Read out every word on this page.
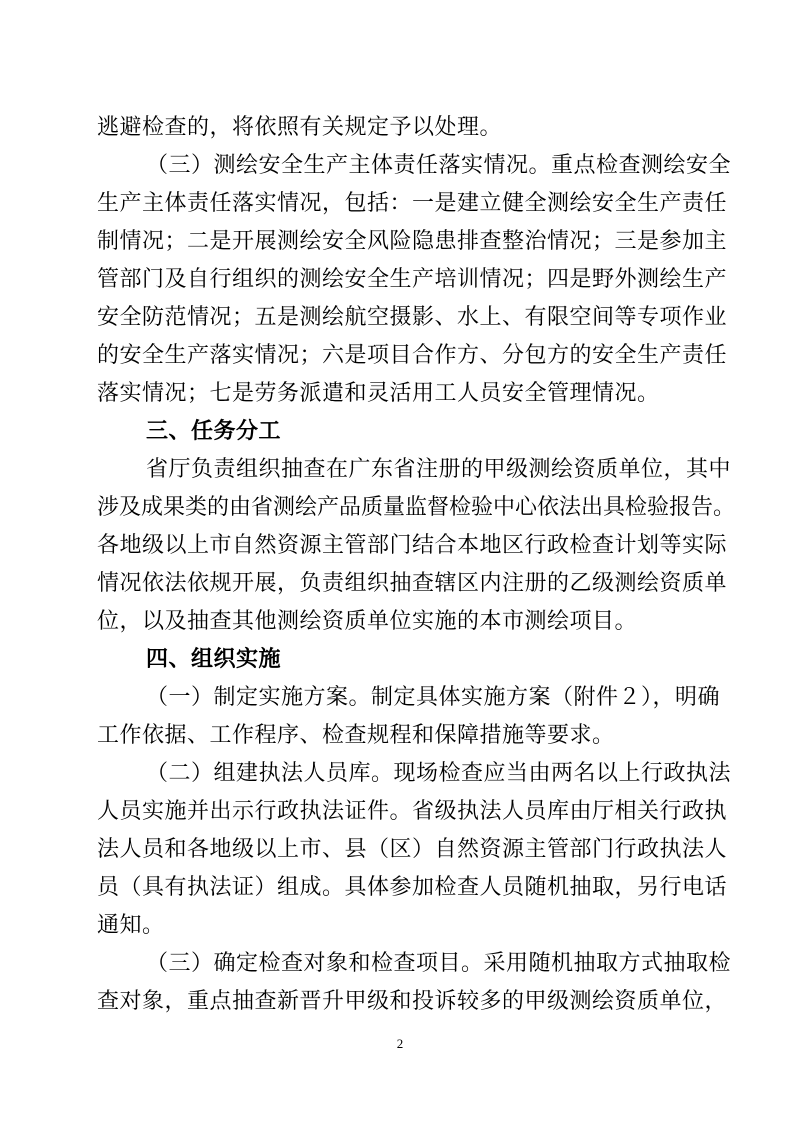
逃避检查的，将依照有关规定予以处理。
（三）测绘安全生产主体责任落实情况。重点检查测绘安全
生产主体责任落实情况，包括：一是建立健全测绘安全生产责任
制情况；二是开展测绘安全风险隐患排查整治情况；三是参加主
管部门及自行组织的测绘安全生产培训情况；四是野外测绘生产
安全防范情况；五是测绘航空摄影、水上、有限空间等专项作业
的安全生产落实情况；六是项目合作方、分包方的安全生产责任
落实情况；七是劳务派遣和灵活用工人员安全管理情况。
三、任务分工
省厅负责组织抽查在广东省注册的甲级测绘资质单位，其中
涉及成果类的由省测绘产品质量监督检验中心依法出具检验报告。
各地级以上市自然资源主管部门结合本地区行政检查计划等实际
情况依法依规开展，负责组织抽查辖区内注册的乙级测绘资质单
位，以及抽查其他测绘资质单位实施的本市测绘项目。
四、组织实施
（一）制定实施方案。制定具体实施方案（附件２），明确
工作依据、工作程序、检查规程和保障措施等要求。
（二）组建执法人员库。现场检查应当由两名以上行政执法
人员实施并出示行政执法证件。省级执法人员库由厅相关行政执
法人员和各地级以上市、县（区）自然资源主管部门行政执法人
员（具有执法证）组成。具体参加检查人员随机抽取，另行电话
通知。
（三）确定检查对象和检查项目。采用随机抽取方式抽取检
查对象，重点抽查新晋升甲级和投诉较多的甲级测绘资质单位，
2
